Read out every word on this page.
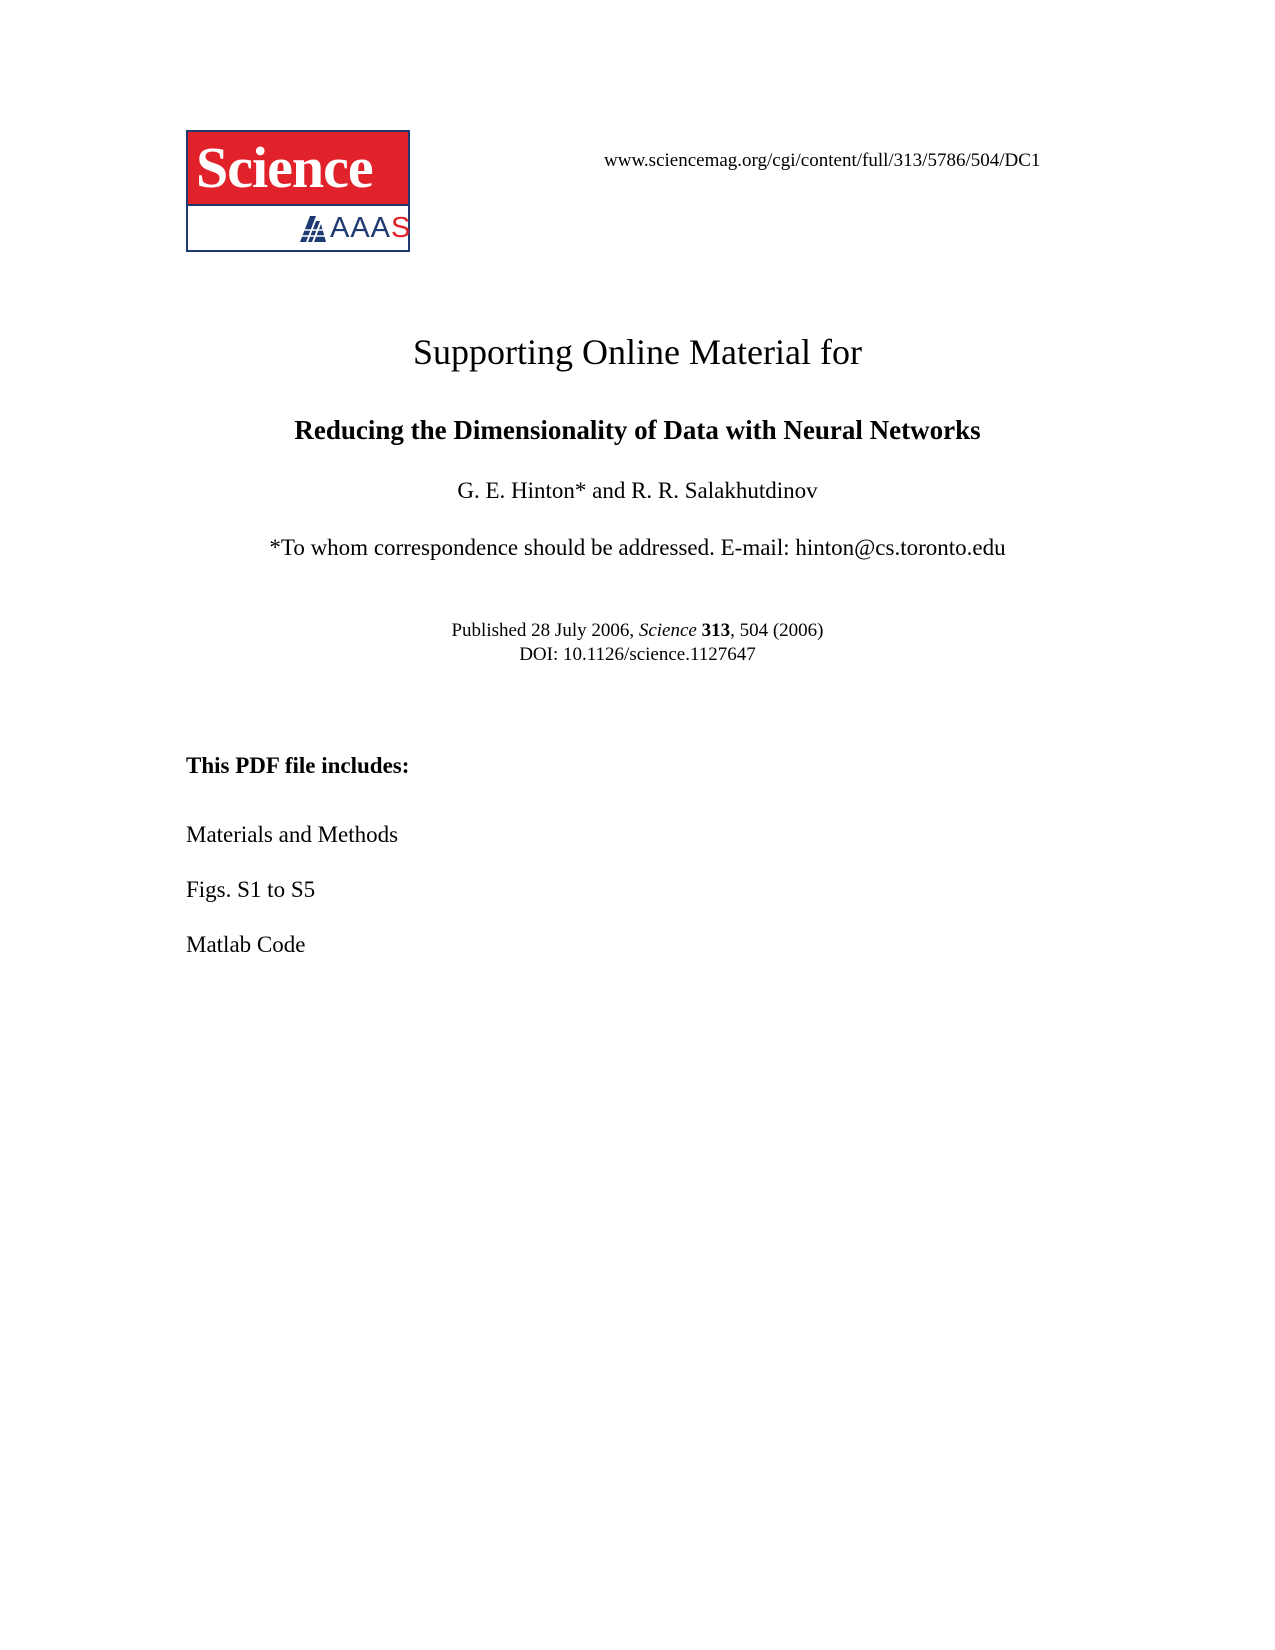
Science
AAAS
www.sciencemag.org/cgi/content/full/313/5786/504/DC1
Supporting Online Material for
Reducing the Dimensionality of Data with Neural Networks
G. E. Hinton* and R. R. Salakhutdinov
*To whom correspondence should be addressed. E-mail: hinton@cs.toronto.edu
Published 28 July 2006, Science 313, 504 (2006)
DOI: 10.1126/science.1127647
This PDF file includes:
Materials and Methods
Figs. S1 to S5
Matlab Code
